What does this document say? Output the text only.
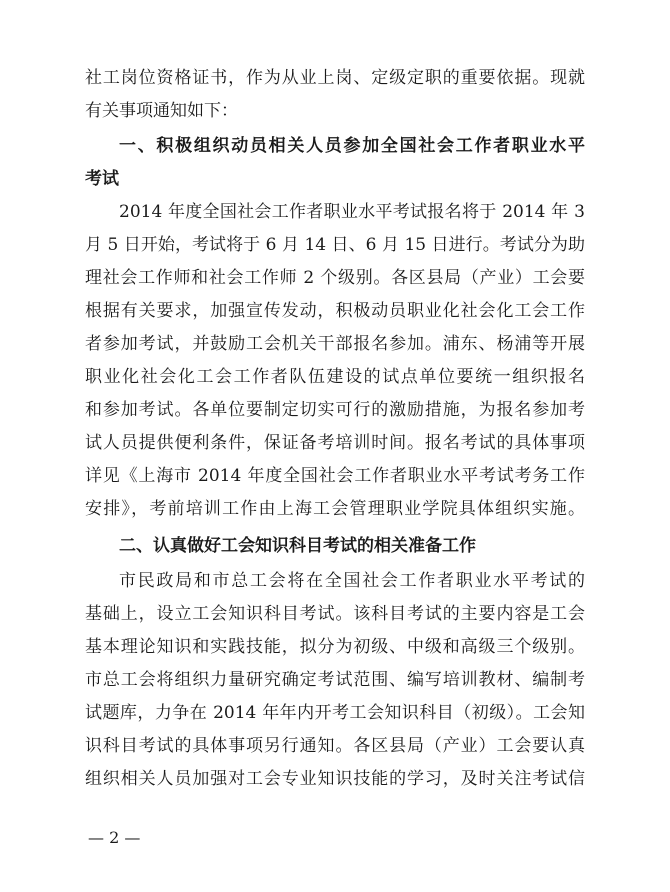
社工岗位资格证书，作为从业上岗、定级定职的重要依据。现就
有关事项通知如下：
一、积极组织动员相关人员参加全国社会工作者职业水平
考试
2014 年度全国社会工作者职业水平考试报名将于 2014 年 3
月 5 日开始，考试将于 6 月 14 日、6 月 15 日进行。考试分为助
理社会工作师和社会工作师 2 个级别。各区县局（产业）工会要
根据有关要求，加强宣传发动，积极动员职业化社会化工会工作
者参加考试，并鼓励工会机关干部报名参加。浦东、杨浦等开展
职业化社会化工会工作者队伍建设的试点单位要统一组织报名
和参加考试。各单位要制定切实可行的激励措施，为报名参加考
试人员提供便利条件，保证备考培训时间。报名考试的具体事项
详见《上海市 2014 年度全国社会工作者职业水平考试考务工作
安排》，考前培训工作由上海工会管理职业学院具体组织实施。
二、认真做好工会知识科目考试的相关准备工作
市民政局和市总工会将在全国社会工作者职业水平考试的
基础上，设立工会知识科目考试。该科目考试的主要内容是工会
基本理论知识和实践技能，拟分为初级、中级和高级三个级别。
市总工会将组织力量研究确定考试范围、编写培训教材、编制考
试题库，力争在 2014 年年内开考工会知识科目（初级）。工会知
识科目考试的具体事项另行通知。各区县局（产业）工会要认真
组织相关人员加强对工会专业知识技能的学习，及时关注考试信
— 2 —
